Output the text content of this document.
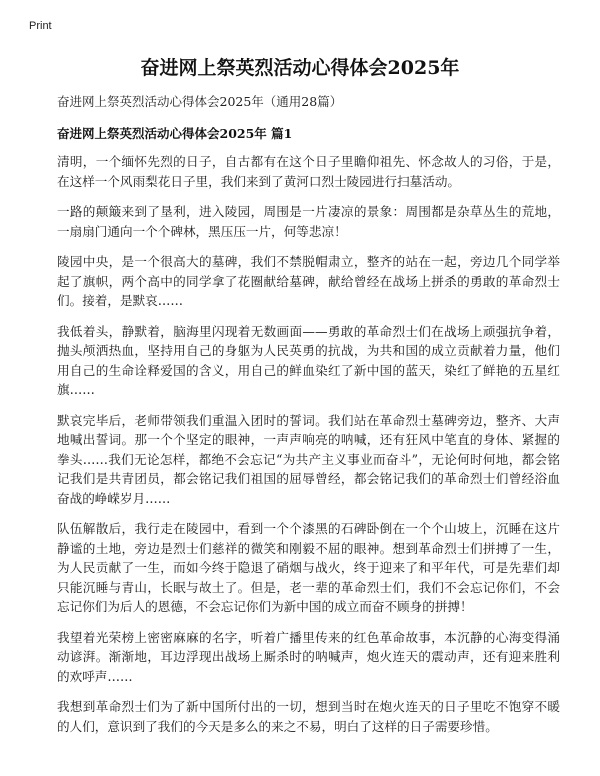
Print
奋进网上祭英烈活动心得体会2025年

奋进网上祭英烈活动心得体会2025年（通用28篇）

奋进网上祭英烈活动心得体会2025年 篇1

清明，一个缅怀先烈的日子，自古都有在这个日子里瞻仰祖先、怀念故人的习俗，于是，在这样一个风雨梨花日子里，我们来到了黄河口烈士陵园进行扫墓活动。

一路的颠簸来到了垦利，进入陵园，周围是一片凄凉的景象：周围都是杂草丛生的荒地，一扇扇门通向一个个碑林，黑压压一片，何等悲凉！

陵园中央，是一个很高大的墓碑，我们不禁脱帽肃立，整齐的站在一起，旁边几个同学举起了旗帜，两个高中的同学拿了花圈献给墓碑，献给曾经在战场上拼杀的勇敢的革命烈士们。接着，是默哀……

我低着头，静默着，脑海里闪现着无数画面——勇敢的革命烈士们在战场上顽强抗争着，抛头颅洒热血，坚持用自己的身躯为人民英勇的抗战，为共和国的成立贡献着力量，他们用自己的生命诠释爱国的含义，用自己的鲜血染红了新中国的蓝天，染红了鲜艳的五星红旗……

默哀完毕后，老师带领我们重温入团时的誓词。我们站在革命烈士墓碑旁边，整齐、大声地喊出誓词。那一个个坚定的眼神，一声声响亮的呐喊，还有狂风中笔直的身体、紧握的拳头……我们无论怎样，都绝不会忘记“为共产主义事业而奋斗”，无论何时何地，都会铭记我们是共青团员，都会铭记我们祖国的屈辱曾经，都会铭记我们的革命烈士们曾经浴血奋战的峥嵘岁月……

队伍解散后，我行走在陵园中，看到一个个漆黑的石碑卧倒在一个个山坡上，沉睡在这片静谧的土地，旁边是烈士们慈祥的微笑和刚毅不屈的眼神。想到革命烈士们拼搏了一生，为人民贡献了一生，而如今终于隐退了硝烟与战火，终于迎来了和平年代，可是先辈们却只能沉睡与青山，长眠与故土了。但是，老一辈的革命烈士们，我们不会忘记你们，不会忘记你们为后人的恩德，不会忘记你们为新中国的成立而奋不顾身的拼搏！

我望着光荣榜上密密麻麻的名字，听着广播里传来的红色革命故事，本沉静的心海变得涌动谚湃。渐渐地，耳边浮现出战场上厮杀时的呐喊声，炮火连天的震动声，还有迎来胜利的欢呼声……

我想到革命烈士们为了新中国所付出的一切，想到当时在炮火连天的日子里吃不饱穿不暖的人们，意识到了我们的今天是多么的来之不易，明白了这样的日子需要珍惜。
